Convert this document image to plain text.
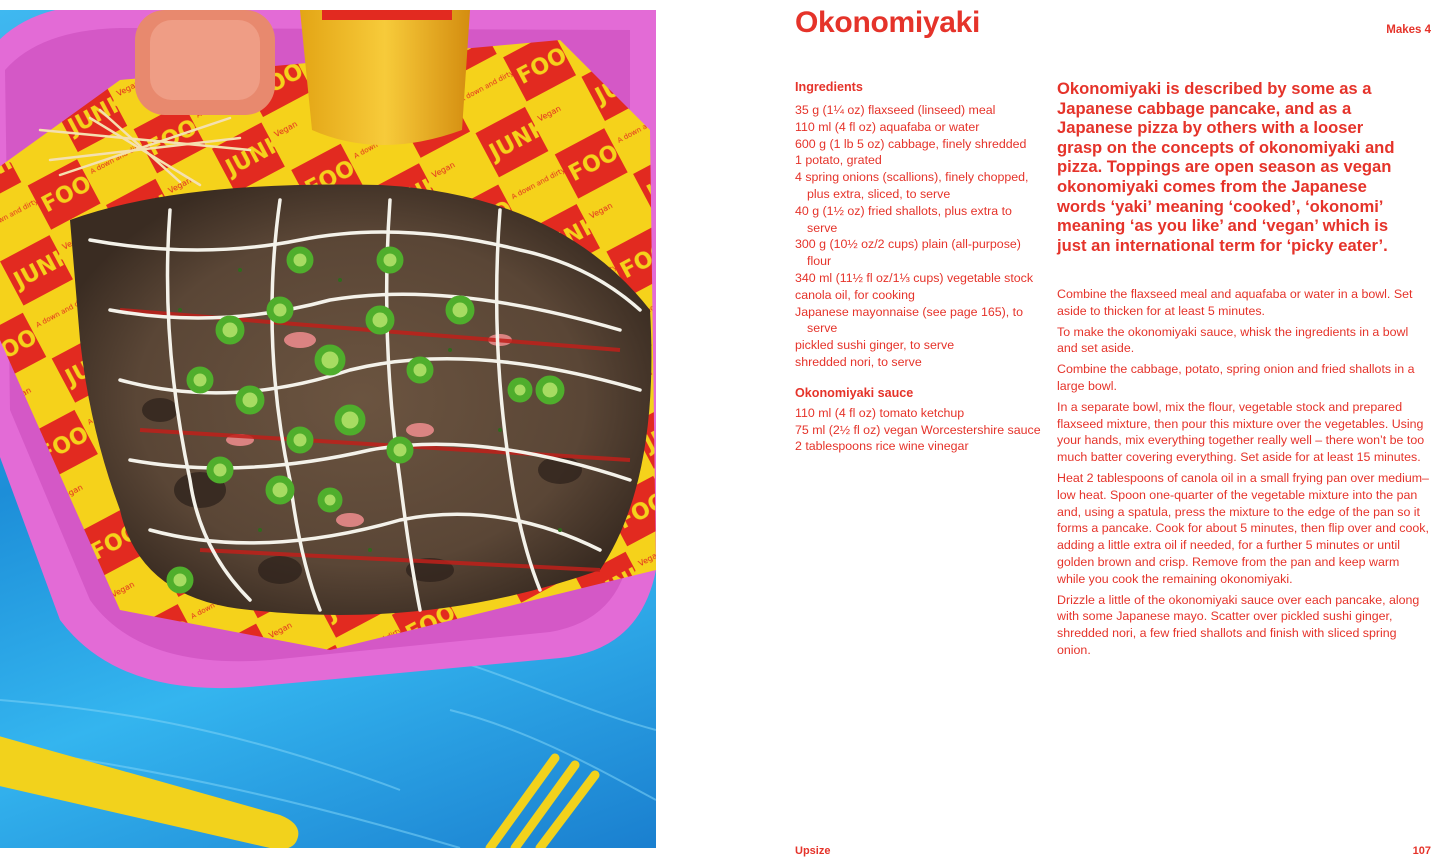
Okonomiyaki	Makes 4
Ingredients
35 g (1¼ oz) flaxseed (linseed) meal
110 ml (4 fl oz) aquafaba or water
600 g (1 lb 5 oz) cabbage, finely shredded
1 potato, grated
4 spring onions (scallions), finely chopped, plus extra, sliced, to serve
40 g (1½ oz) fried shallots, plus extra to serve
300 g (10½ oz/2 cups) plain (all-purpose) flour
340 ml (11½ fl oz/1⅓ cups) vegetable stock
canola oil, for cooking
Japanese mayonnaise (see page 165), to serve
pickled sushi ginger, to serve
shredded nori, to serve
Okonomiyaki sauce
110 ml (4 fl oz) tomato ketchup
75 ml (2½ fl oz) vegan Worcestershire sauce
2 tablespoons rice wine vinegar

Okonomiyaki is described by some as a Japanese cabbage pancake, and as a Japanese pizza by others with a looser grasp on the concepts of okonomiyaki and pizza. Toppings are open season as vegan okonomiyaki comes from the Japanese words ‘yaki’ meaning ‘cooked’, ‘okonomi’ meaning ‘as you like’ and ‘vegan’ which is just an international term for ‘picky eater’.

Combine the flaxseed meal and aquafaba or water in a bowl. Set aside to thicken for at least 5 minutes.

To make the okonomiyaki sauce, whisk the ingredients in a bowl and set aside.

Combine the cabbage, potato, spring onion and fried shallots in a large bowl.

In a separate bowl, mix the flour, vegetable stock and prepared flaxseed mixture, then pour this mixture over the vegetables. Using your hands, mix everything together really well – there won’t be too much batter covering everything. Set aside for at least 15 minutes.

Heat 2 tablespoons of canola oil in a small frying pan over medium–low heat. Spoon one-quarter of the vegetable mixture into the pan and, using a spatula, press the mixture to the edge of the pan so it forms a pancake. Cook for about 5 minutes, then flip over and cook, adding a little extra oil if needed, for a further 5 minutes or until golden brown and crisp. Remove from the pan and keep warm while you cook the remaining okonomiyaki.

Drizzle a little of the okonomiyaki sauce over each pancake, along with some Japanese mayo. Scatter over pickled sushi ginger, shredded nori, a few fried shallots and finish with sliced spring onion.

Upsize	107
